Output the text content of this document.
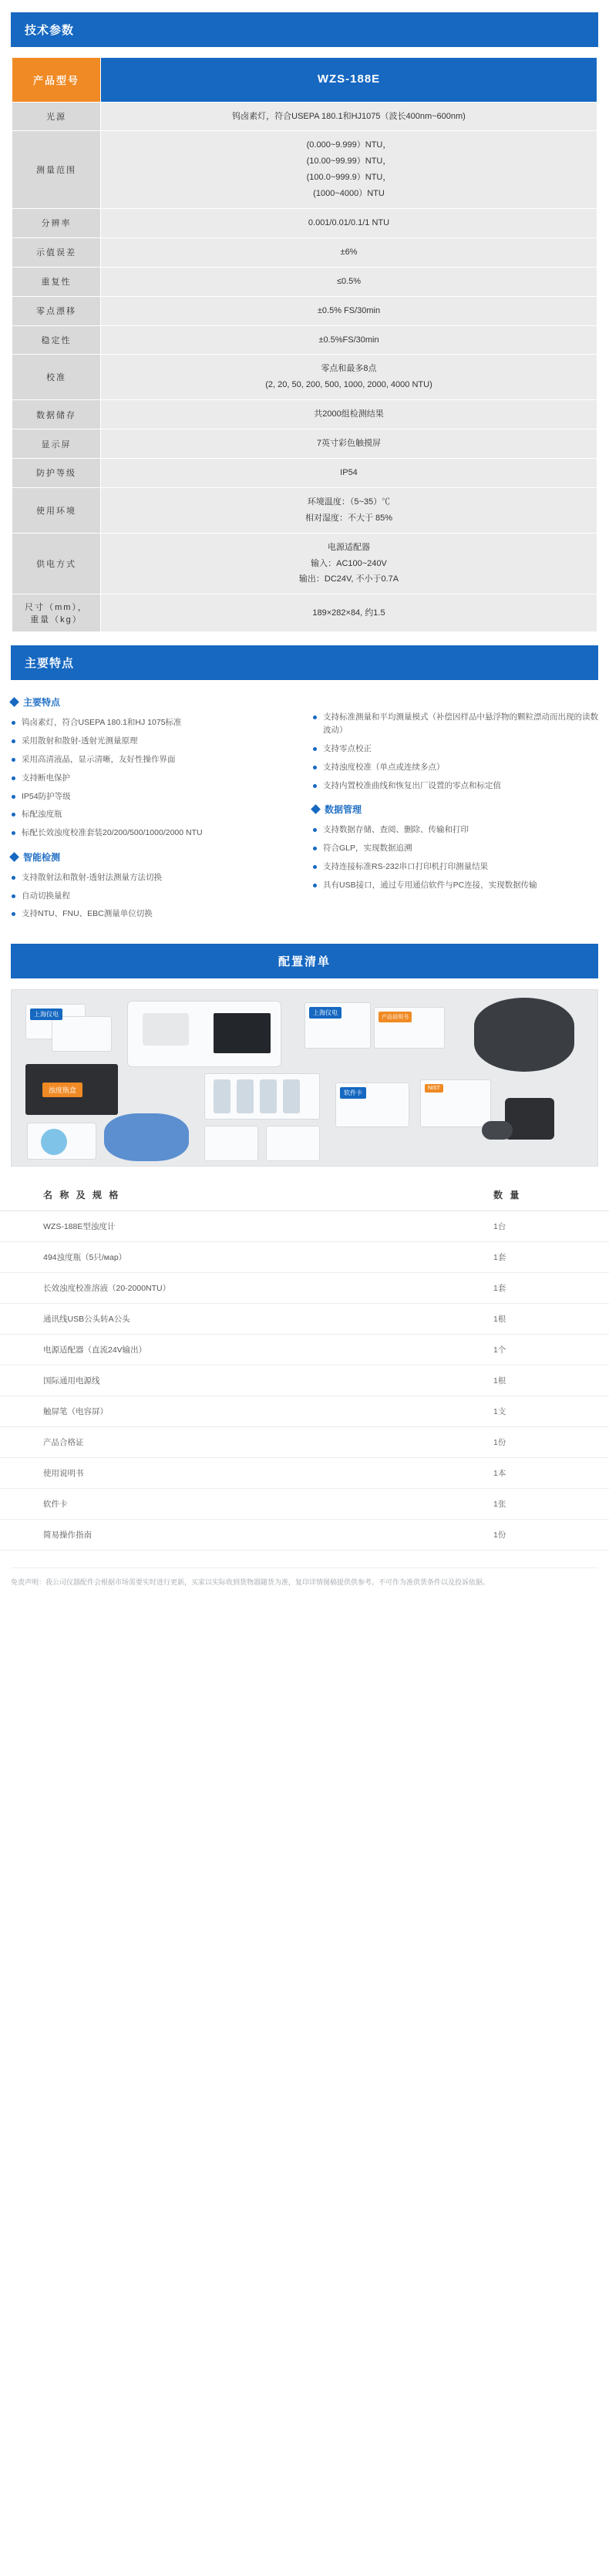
技术参数
产品型号	WZS-188E
光源	钨卤素灯，符合USEPA 180.1和HJ1075（波长400nm~600nm)

测量范围	(0.000~9.999）NTU，
(10.00~99.99）NTU，
(100.0~999.9）NTU，
(1000~4000）NTU

分辨率	0.001/0.01/0.1/1 NTU

示值误差	±6%

重复性	≤0.5%

零点漂移	±0.5% FS/30min

稳定性	±0.5%FS/30min

校准	零点和最多8点
(2, 20, 50, 200, 500, 1000, 2000, 4000 NTU)

数据储存	共2000组检测结果

显示屏	7英寸彩色触摸屏

防护等级	IP54

使用环境	环境温度：（5~35）℃
相对湿度：不大于 85%

供电方式	电源适配器
输入：AC100~240V
输出：DC24V, 不小于0.7A

尺寸（mm），重量（kg）	189×282×84, 约1.5
主要特点
主要特点
钨卤素灯，符合USEPA 180.1和HJ 1075标准
采用散射和散射-透射光测量原理
采用高清液晶，显示清晰，友好性操作界面
支持断电保护
IP54防护等级
标配浊度瓶
标配长效浊度校准套装20/200/500/1000/2000 NTU
智能检测
支持散射法和散射-透射法测量方法切换
自动切换量程
支持NTU、FNU、EBC测量单位切换
支持标准测量和平均测量模式（补偿因样品中悬浮物的颗粒漂动而出现的读数波动）
支持零点校正
支持浊度校准（单点或连续多点）
支持内置校准曲线和恢复出厂设置的零点和标定值
数据管理
支持数据存储、查阅、删除、传输和打印
符合GLP，实现数据追溯
支持连接标准RS-232串口打印机打印测量结果
具有USB接口，通过专用通信软件与PC连接，实现数据传输
配置清单
上海仪电	上海仪电
产品说明书
浊度瓶盒	软件卡
NIST
名 称 及 规 格	数 量
WZS-188E型浊度计	1台
494浊度瓶（5只/мар）	1套
长效浊度校准溶液（20-2000NTU）	1套
通讯线USB公头转A公头	1根
电源适配器（直流24V输出）	1个
国际通用电源线	1根
触屏笔（电容屏）	1支
产品合格证	1份
使用说明书	1本
软件卡	1张
简易操作指南	1份
免责声明：我公司仪器配件会根据市场需要实时进行更新，买家以实际收到货物器随货为准，复印详情图稿提供供参考。不可作为准供货条件以及投诉依据。
